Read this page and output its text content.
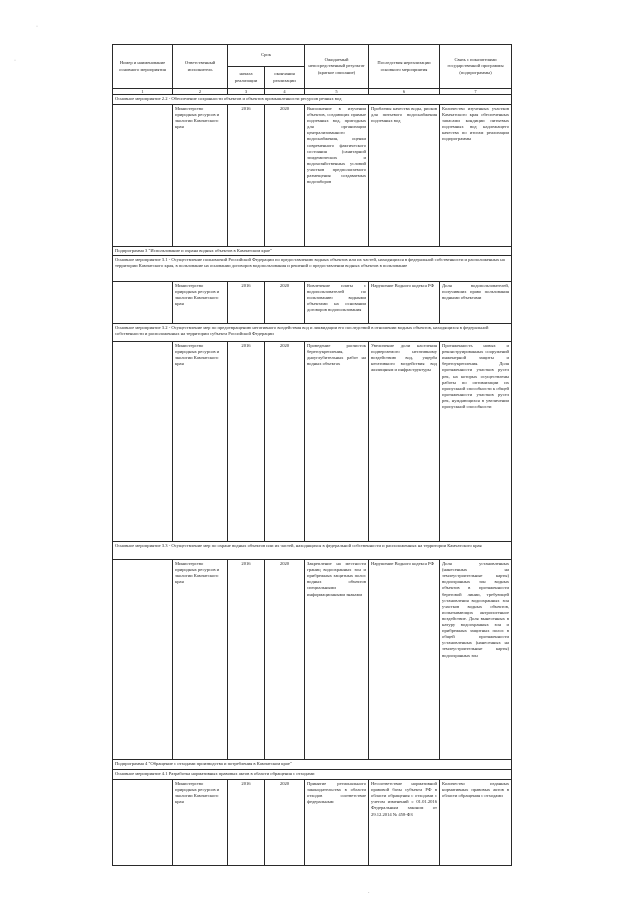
·
·	Номер и наименование основного мероприятия	Ответственный исполнитель	Срок		Ожидаемый непосредственный результат (краткое описание)	Последствия нереализации основного мероприятия	Связь с показателями государственной программы (подпрограммы)
		начала реализации	окончания реализации			
1	2	3	4	5	6	7
Основное мероприятие 2.2 - Обеспечение сохранности объектов и объектов промышленности ресурсов речных вод						
	Министерство природных ресурсов и экологии Камчатского края	2016	2020	Выполнение в изучении объектов, создающих прямые подземных вод, пригодных для организации централизованного водоснабжения, оценки современного фактического состояния (санитарной эпидемических и водохозяйственных условий участков предполагаемого размещения создаваемых водозаборов	Проблемы качества воды, рисков для питьевого водоснабжения подземных вод	Количество изученных участков Камчатского края обеспеченных запасами кондиции питьевых подземных вод надлежащего качества по итогам реализации подпрограммы
Подпрограмма 3 "Использование и охрана водных объектов в Камчатском крае"						
Основное мероприятие 3.1 - Осуществление полномочий Российской Федерации по предоставлению водных объектов или их частей, находящихся в федеральной собственности и расположенных на территории Камчатского края, в пользование на основании договоров водопользования и решений о предоставлении водных объектов в пользование						
	Министерство природных ресурсов и экологии Камчатского края	2016	2020	Вовлечение платы с водопользователей по пользованию водными объектами на основании договоров водопользования	Нарушение Водного кодекса РФ	Доля водопользователей, получивших право пользования водными объектами
Основное мероприятие 3.2 - Осуществление мер по предотвращению негативного воздействия вод и ликвидации его последствий в отношении водных объектов, находящихся в федеральной собственности и расположенных на территории субъекта Российской Федерации						
	Министерство природных ресурсов и экологии Камчатского края	2016	2020	Проведение расчисток берегоукрепления, дноуглубительных работ на водных объектах	Увеличение доли населения подвергаемого негативному воздействию вод, ущерба негативного воздействия вод жилищным и инфраструктуры	Протяженность новых и реконструированных сооружений инженерной защиты и берегоукрепления. Доля протяженности участков русел рек, на которых осуществлены работы по оптимизации их пропускной способности к общей протяженности участков русел рек, нуждающихся в увеличении пропускной способности
Основное мероприятие 3.3 - Осуществление мер по охране водных объектов или их частей, находящихся в федеральной собственности и расположенных на территории Камчатского края						
	Министерство природных ресурсов и экологии Камчатского края	2016	2020	Закрепление на местности границ водоохранных зон и прибрежных защитных полос водных объектов специальными информационными знаками	Нарушение Водного кодекса РФ	Доля установленных (нанесенных на землеустроительные карты) водоохранных зон водных объектов в протяженности береговой линии, требующей установления водоохранных зон участков водных объектов, испытывающих антропогенное воздействие. Доля вынесенных в натуру водоохранных зон и прибрежных защитных полос в общей протяженности установленных (нанесенных на землеустроительные карты) водоохранных зон
Подпрограмма 4 "Обращение с отходами производства и потребления в Камчатском крае"						
Основное мероприятие 4.1 Разработка нормативных правовых актов в области обращения с отходами						
	Министерство природных ресурсов и экологии Камчатского края	2016	2020	Принятие регионального законодательства в области отходов соответствие федеральным	Несоответствие нормативной правовой базы субъекта РФ в области обращения с отходами с учетом изменений с 01.01.2016 Федеральным законом от 29.12.2014 № 458-ФЗ	Количество изданных нормативных правовых актов в области обращения с отходами
·
